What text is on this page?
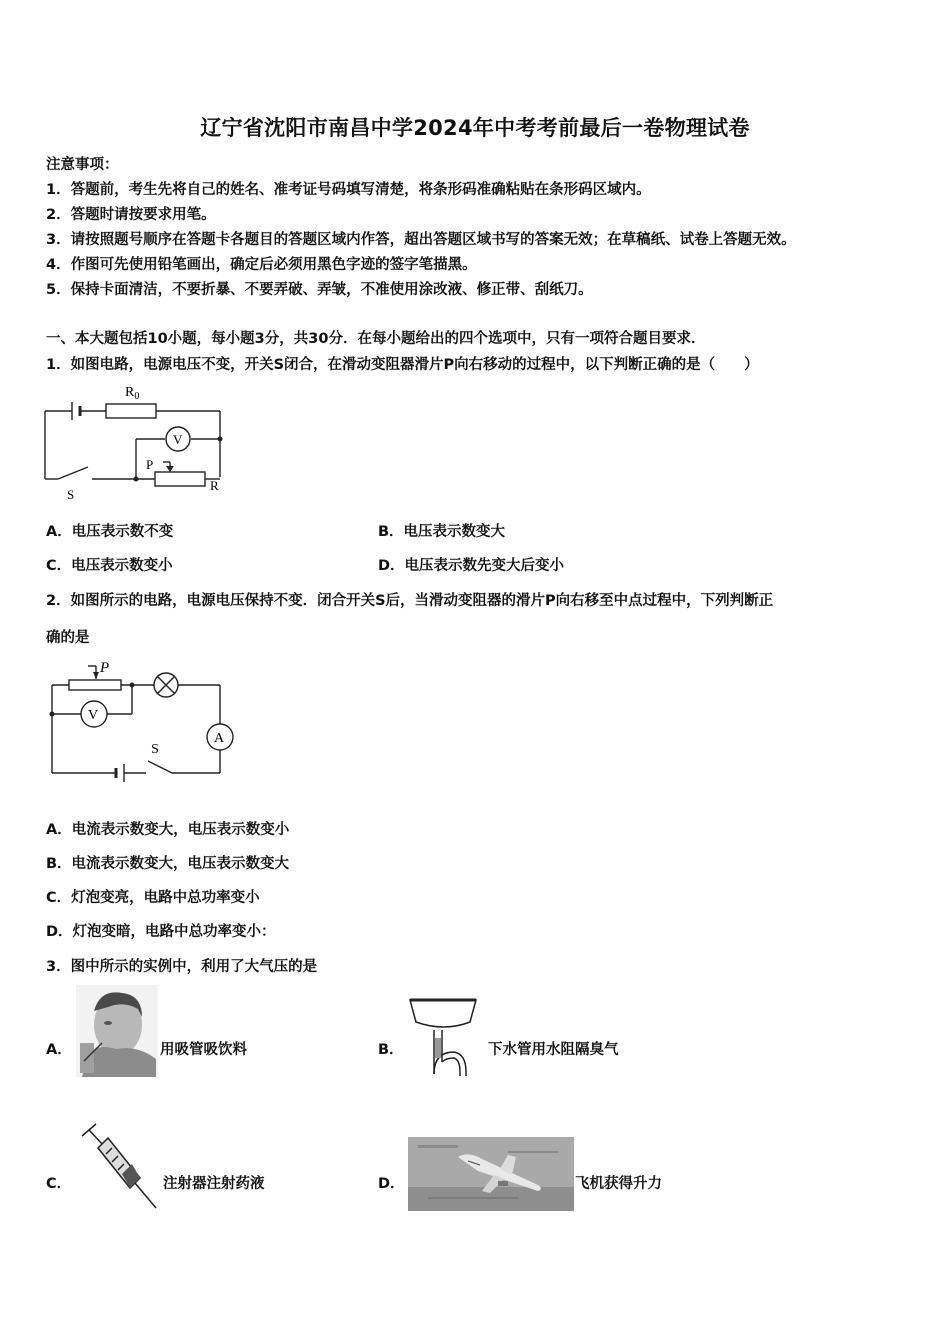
辽宁省沈阳市南昌中学2024年中考考前最后一卷物理试卷
注意事项：
1．答题前，考生先将自己的姓名、准考证号码填写清楚，将条形码准确粘贴在条形码区域内。
2．答题时请按要求用笔。
3．请按照题号顺序在答题卡各题目的答题区域内作答，超出答题区域书写的答案无效；在草稿纸、试卷上答题无效。
4．作图可先使用铅笔画出，确定后必须用黑色字迹的签字笔描黑。
5．保持卡面清洁，不要折暴、不要弄破、弄皱，不准使用涂改液、修正带、刮纸刀。
一、本大题包括10小题，每小题3分，共30分．在每小题给出的四个选项中，只有一项符合题目要求．
1．如图电路，电源电压不变，开关S闭合，在滑动变阻器滑片P向右移动的过程中，以下判断正确的是（　　）
$R_0$
V
P
R
S
A．电压表示数不变	B．电压表示数变大
C．电压表示数变小	D．电压表示数先变大后变小
2．如图所示的电路，电源电压保持不变．闭合开关S后，当滑动变阻器的滑片P向右移至中点过程中，下列判断正
确的是
P
V
A
S
A．电流表示数变大，电压表示数变小
B．电流表示数变大，电压表示数变大
C．灯泡变亮，电路中总功率变小
D．灯泡变暗，电路中总功率变小：
3．图中所示的实例中，利用了大气压的是
A．	用吸管吸饮料	B．	下水管用水阻隔臭气
C．	注射器注射药液	D．	飞机获得升力
